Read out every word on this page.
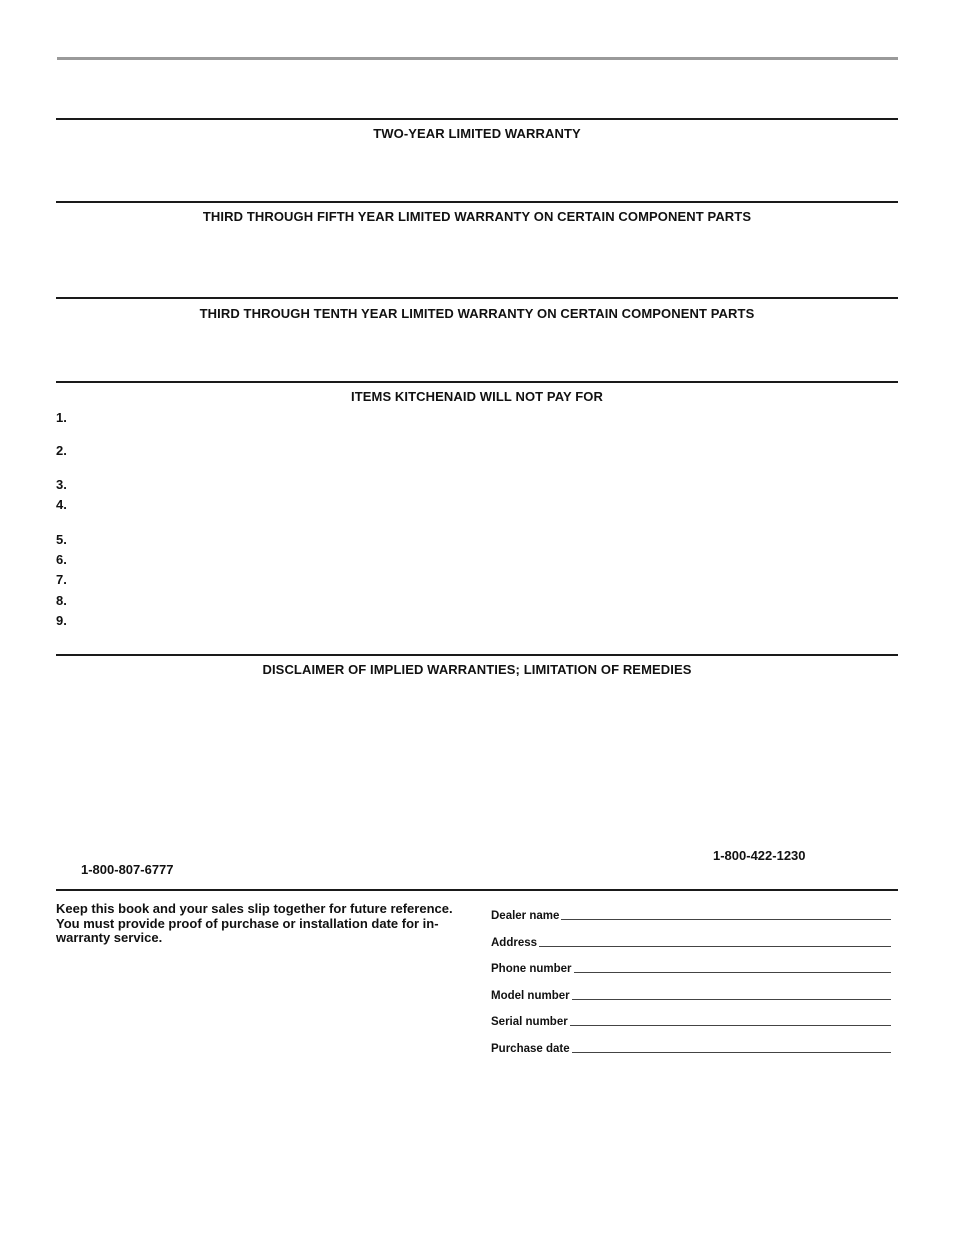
TWO-YEAR LIMITED WARRANTY
THIRD THROUGH FIFTH YEAR LIMITED WARRANTY ON CERTAIN COMPONENT PARTS
THIRD THROUGH TENTH YEAR LIMITED WARRANTY ON CERTAIN COMPONENT PARTS
ITEMS KITCHENAID WILL NOT PAY FOR
1.
2.
3.
4.
5.
6.
7.
8.
9.
DISCLAIMER OF IMPLIED WARRANTIES; LIMITATION OF REMEDIES
1-800-422-1230
1-800-807-6777
Keep this book and your sales slip together for future reference. You must provide proof of purchase or installation date for in-warranty service.
Dealer name
Address
Phone number
Model number
Serial number
Purchase date
